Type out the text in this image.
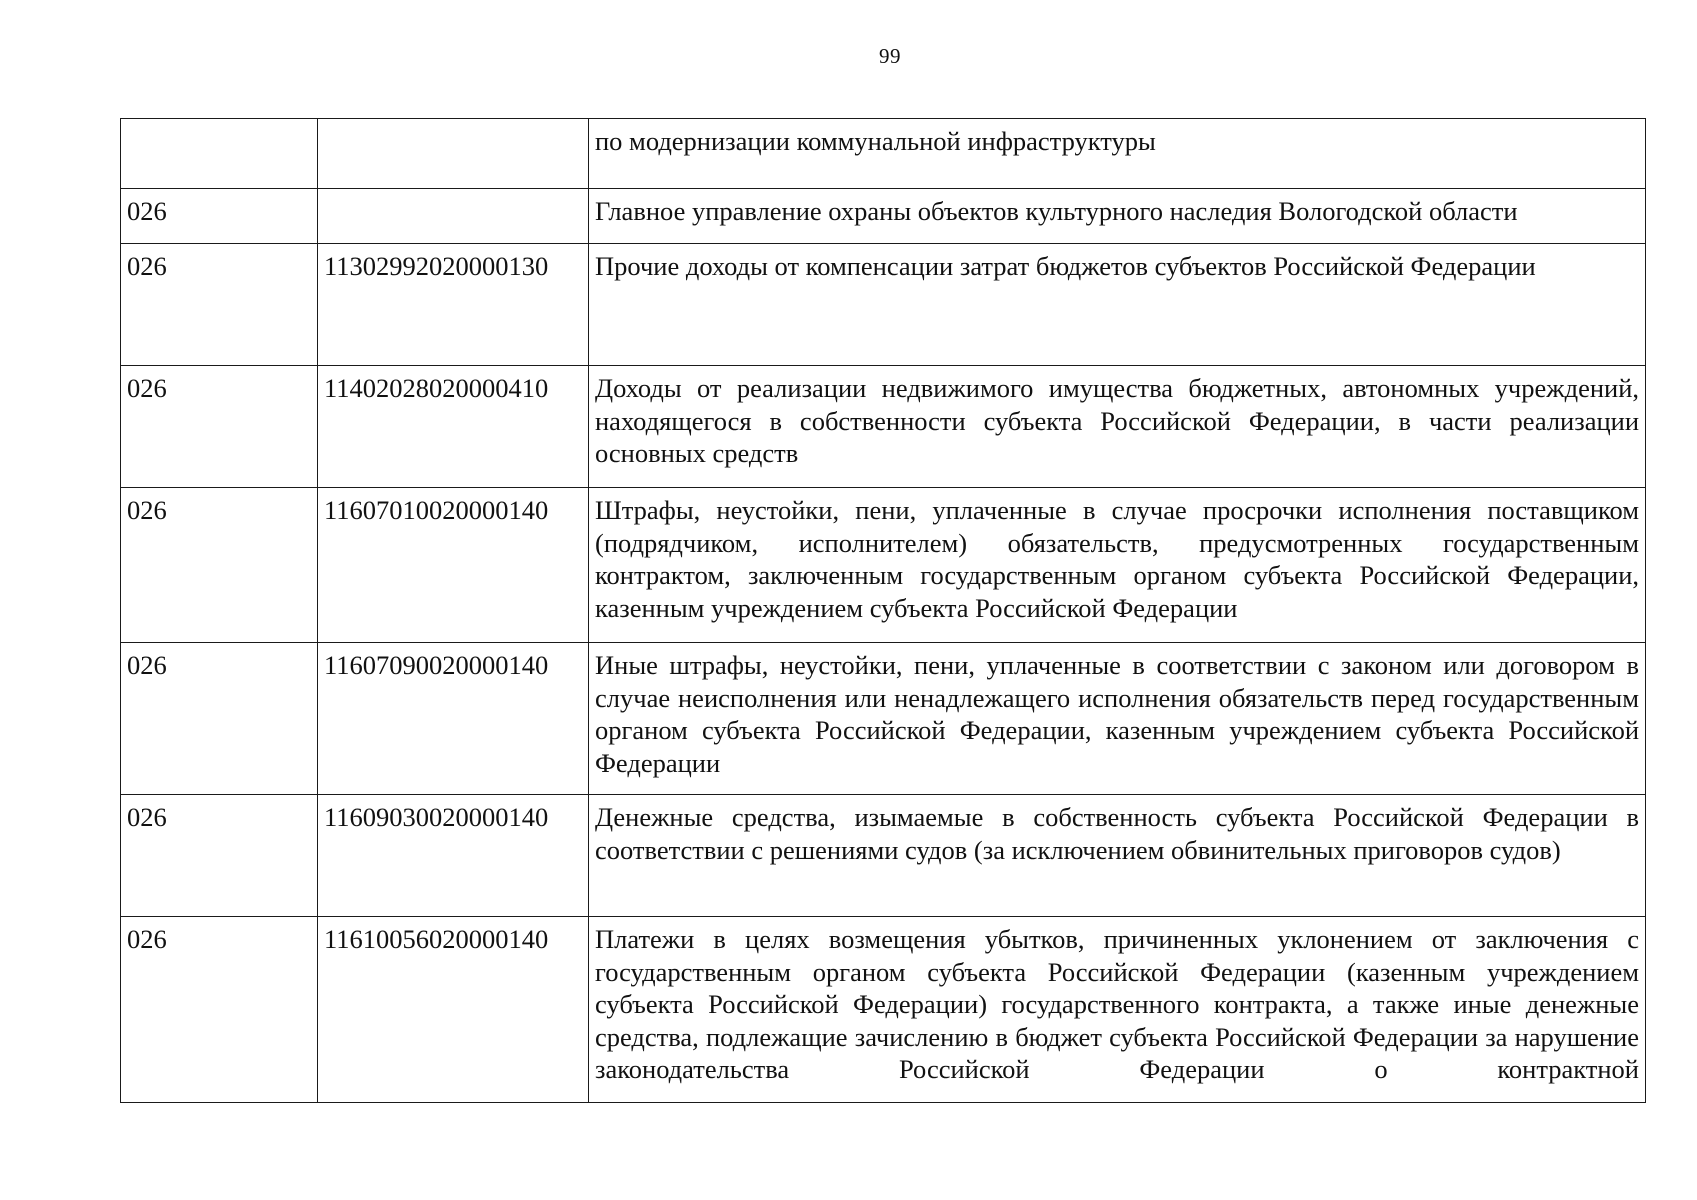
99
		по модернизации коммунальной инфраструктуры
026		Главное управление охраны объектов культурного наследия Вологодской области
026	11302992020000130	Прочие доходы от компенсации затрат бюджетов субъектов Российской Федерации
026	11402028020000410	Доходы от реализации недвижимого имущества бюджетных, автономных учреждений, находящегося в собственности субъекта Российской Федерации, в части реализации основных средств
026	11607010020000140	Штрафы, неустойки, пени, уплаченные в случае просрочки исполнения поставщиком (подрядчиком, исполнителем) обязательств, предусмотренных государственным контрактом, заключенным государственным органом субъекта Российской Федерации, казенным учреждением субъекта Российской Федерации
026	11607090020000140	Иные штрафы, неустойки, пени, уплаченные в соответствии с законом или договором в случае неисполнения или ненадлежащего исполнения обязательств перед государственным органом субъекта Российской Федерации, казенным учреждением субъекта Российской Федерации
026	11609030020000140	Денежные средства, изымаемые в собственность субъекта Российской Федерации в соответствии с решениями судов (за исключением обвинительных приговоров судов)
026	11610056020000140	Платежи в целях возмещения убытков, причиненных уклонением от заключения с государственным органом субъекта Российской Федерации (казенным учреждением субъекта Российской Федерации) государственного контракта, а также иные денежные средства, подлежащие зачислению в бюджет субъекта Российской Федерации за нарушение законодательства Российской Федерации о контрактной
